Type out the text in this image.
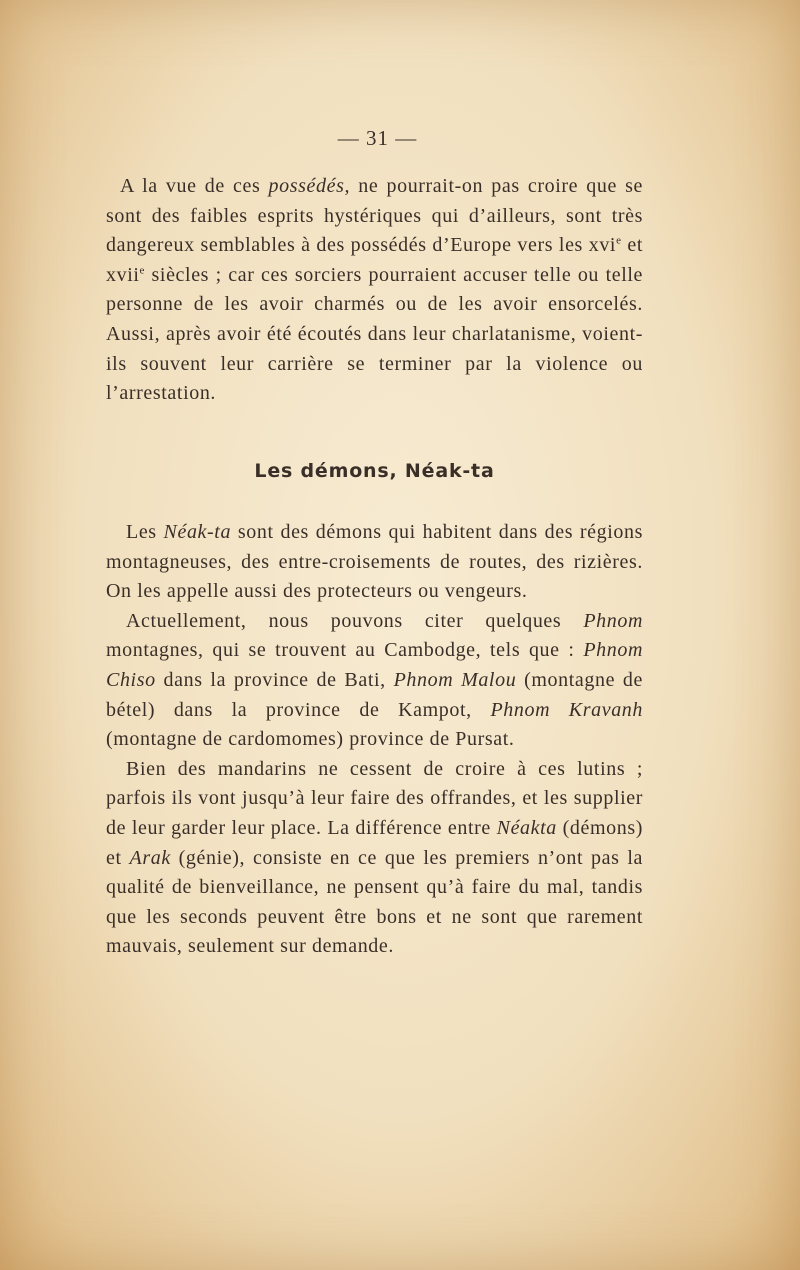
— 31 —

A la vue de ces possédés, ne pourrait-on pas croire que se sont des faibles esprits hystériques qui d’ailleurs, sont très dangereux semblables à des possédés d’Europe vers les xvi$^e$ et xvii$^e$ siècles ; car ces sorciers pourraient accuser telle ou telle personne de les avoir charmés ou de les avoir ensorcelés. Aussi, après avoir été écoutés dans leur charlatanisme, voient-ils souvent leur carrière se terminer par la violence ou l’arrestation.

Les démons, Néak-ta

Les Néak-ta sont des démons qui habitent dans des régions montagneuses, des entre-croisements de routes, des rizières. On les appelle aussi des protecteurs ou vengeurs.

Actuellement, nous pouvons citer quelques Phnom montagnes, qui se trouvent au Cambodge, tels que : Phnom Chiso dans la province de Bati, Phnom Malou (montagne de bétel) dans la province de Kampot, Phnom Kravanh (montagne de cardomomes) province de Pursat.

Bien des mandarins ne cessent de croire à ces lutins ; parfois ils vont jusqu’à leur faire des offrandes, et les supplier de leur garder leur place. La différence entre Néakta (démons) et Arak (génie), consiste en ce que les premiers n’ont pas la qualité de bienveillance, ne pensent qu’à faire du mal, tandis que les seconds peuvent être bons et ne sont que rarement mauvais, seulement sur demande.
